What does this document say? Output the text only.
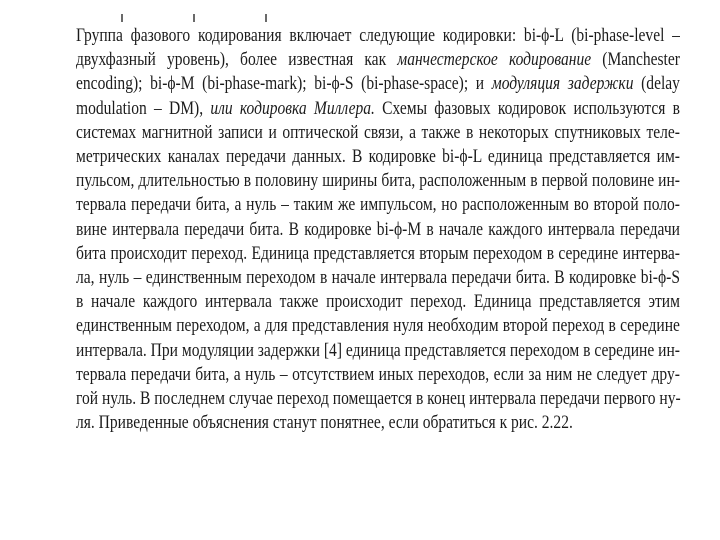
Группа фазового кодирования включает следующие кодировки: bi-ϕ-L (bi-phase-level –
двухфазный уровень), более известная как манчестерское кодирование (Manchester
encoding); bi-ϕ-M (bi-phase-mark); bi-ϕ-S (bi-phase-space); и модуляция задержки (delay
modulation – DM), или кодировка Миллера. Схемы фазовых кодировок используются в
системах магнитной записи и оптической связи, а также в некоторых спутниковых теле-
метрических каналах передачи данных. В кодировке bi-ϕ-L единица представляется им-
пульсом, длительностью в половину ширины бита, расположенным в первой половине ин-
тервала передачи бита, а нуль – таким же импульсом, но расположенным во второй поло-
вине интервала передачи бита. В кодировке bi-ϕ-M в начале каждого интервала передачи
бита происходит переход. Единица представляется вторым переходом в середине интерва-
ла, нуль – единственным переходом в начале интервала передачи бита. В кодировке bi-ϕ-S
в начале каждого интервала также происходит переход. Единица представляется этим
единственным переходом, а для представления нуля необходим второй переход в середине
интервала. При модуляции задержки [4] единица представляется переходом в середине ин-
тервала передачи бита, а нуль – отсутствием иных переходов, если за ним не следует дру-
гой нуль. В последнем случае переход помещается в конец интервала передачи первого ну-
ля. Приведенные объяснения станут понятнее, если обратиться к рис. 2.22.
